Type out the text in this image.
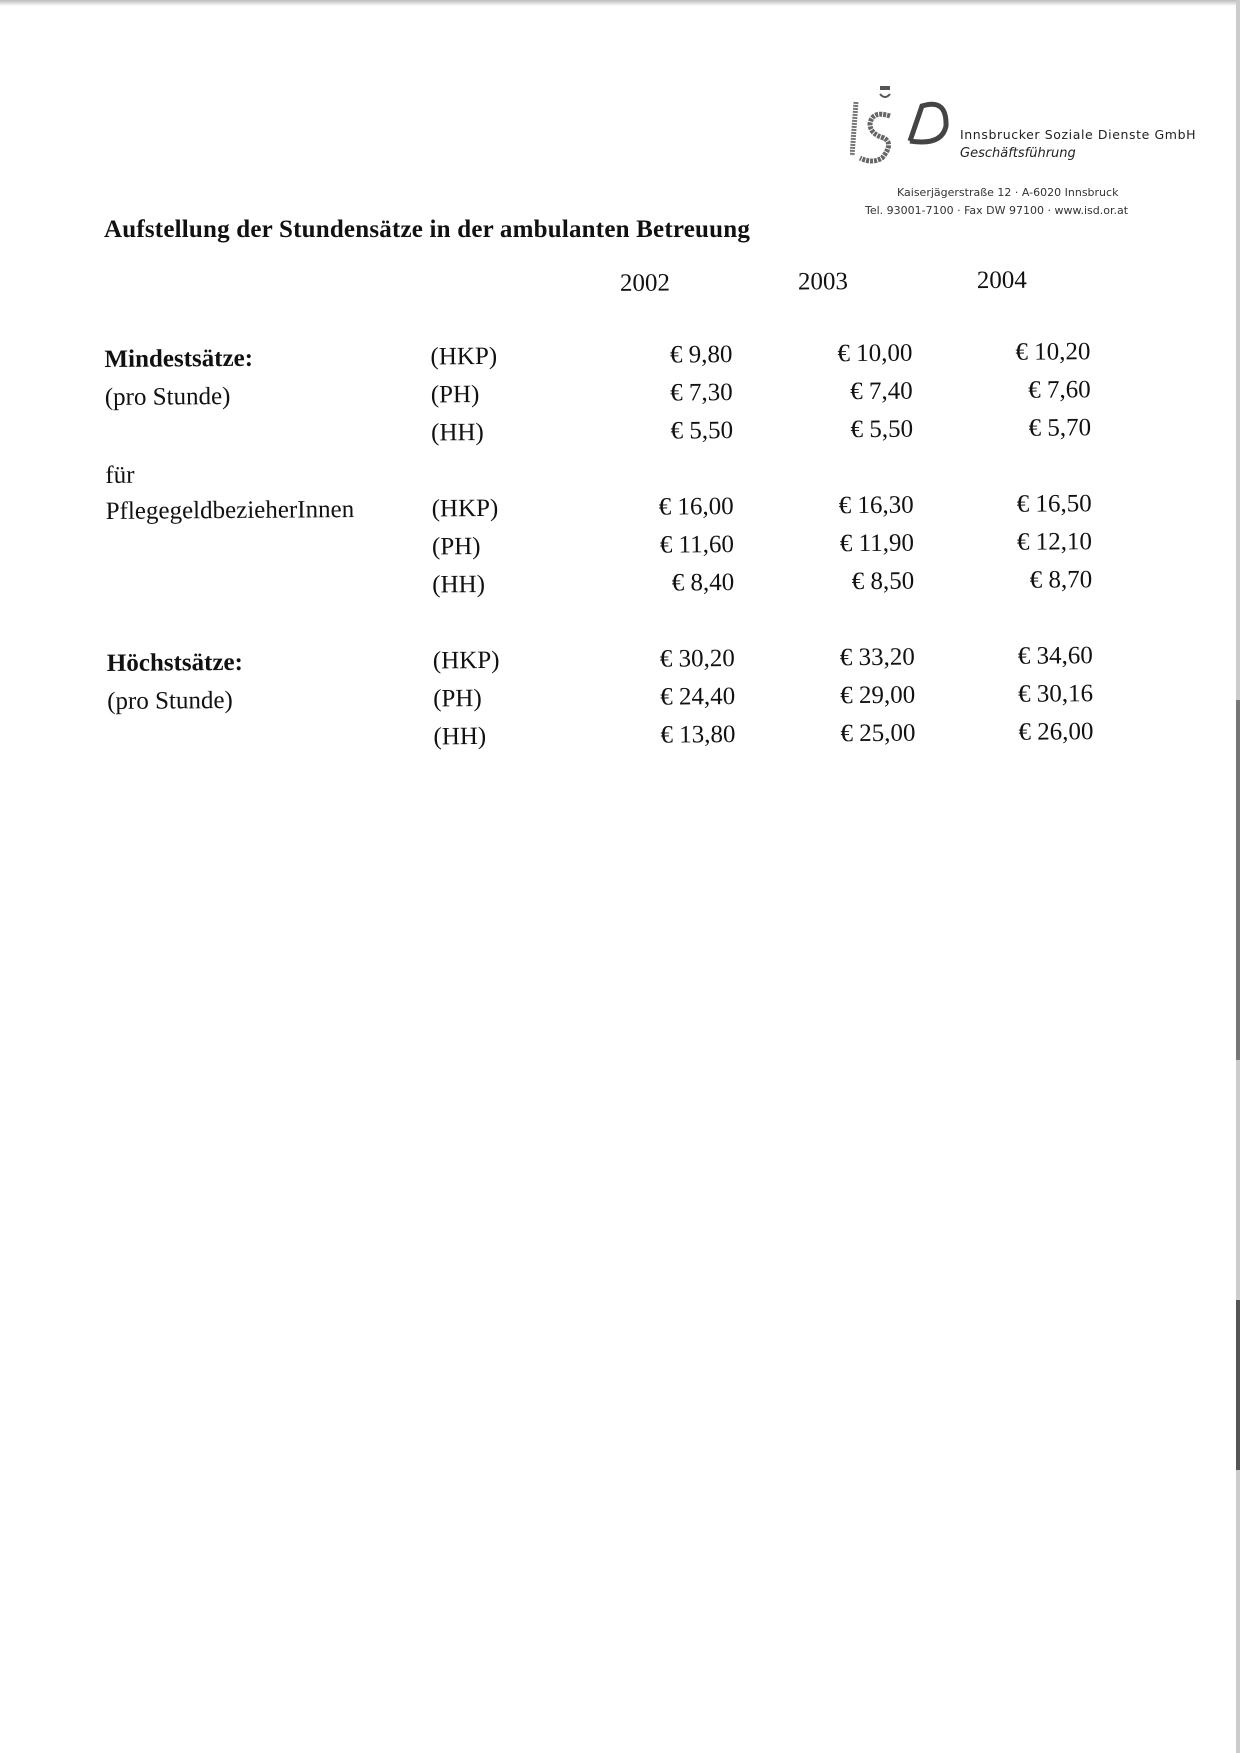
Innsbrucker Soziale Dienste GmbH
Geschäftsführung
Kaiserjägerstraße 12 · A-6020 Innsbruck
Tel. 93001-7100 · Fax DW 97100 · www.isd.or.at
Aufstellung der Stundensätze in der ambulanten Betreuung
2002	2003	2004
Mindestsätze:
(pro Stunde)
(HKP)	€ 9,80	€ 10,00	€ 10,20
(PH)	€ 7,30	€ 7,40	€ 7,60
(HH)	€ 5,50	€ 5,50	€ 5,70
für
PflegegeldbezieherInnen	(HKP)	€ 16,00	€ 16,30	€ 16,50
(PH)	€ 11,60	€ 11,90	€ 12,10
(HH)	€ 8,40	€ 8,50	€ 8,70
Höchstsätze:
(pro Stunde)
(HKP)	€ 30,20	€ 33,20	€ 34,60
(PH)	€ 24,40	€ 29,00	€ 30,16
(HH)	€ 13,80	€ 25,00	€ 26,00
